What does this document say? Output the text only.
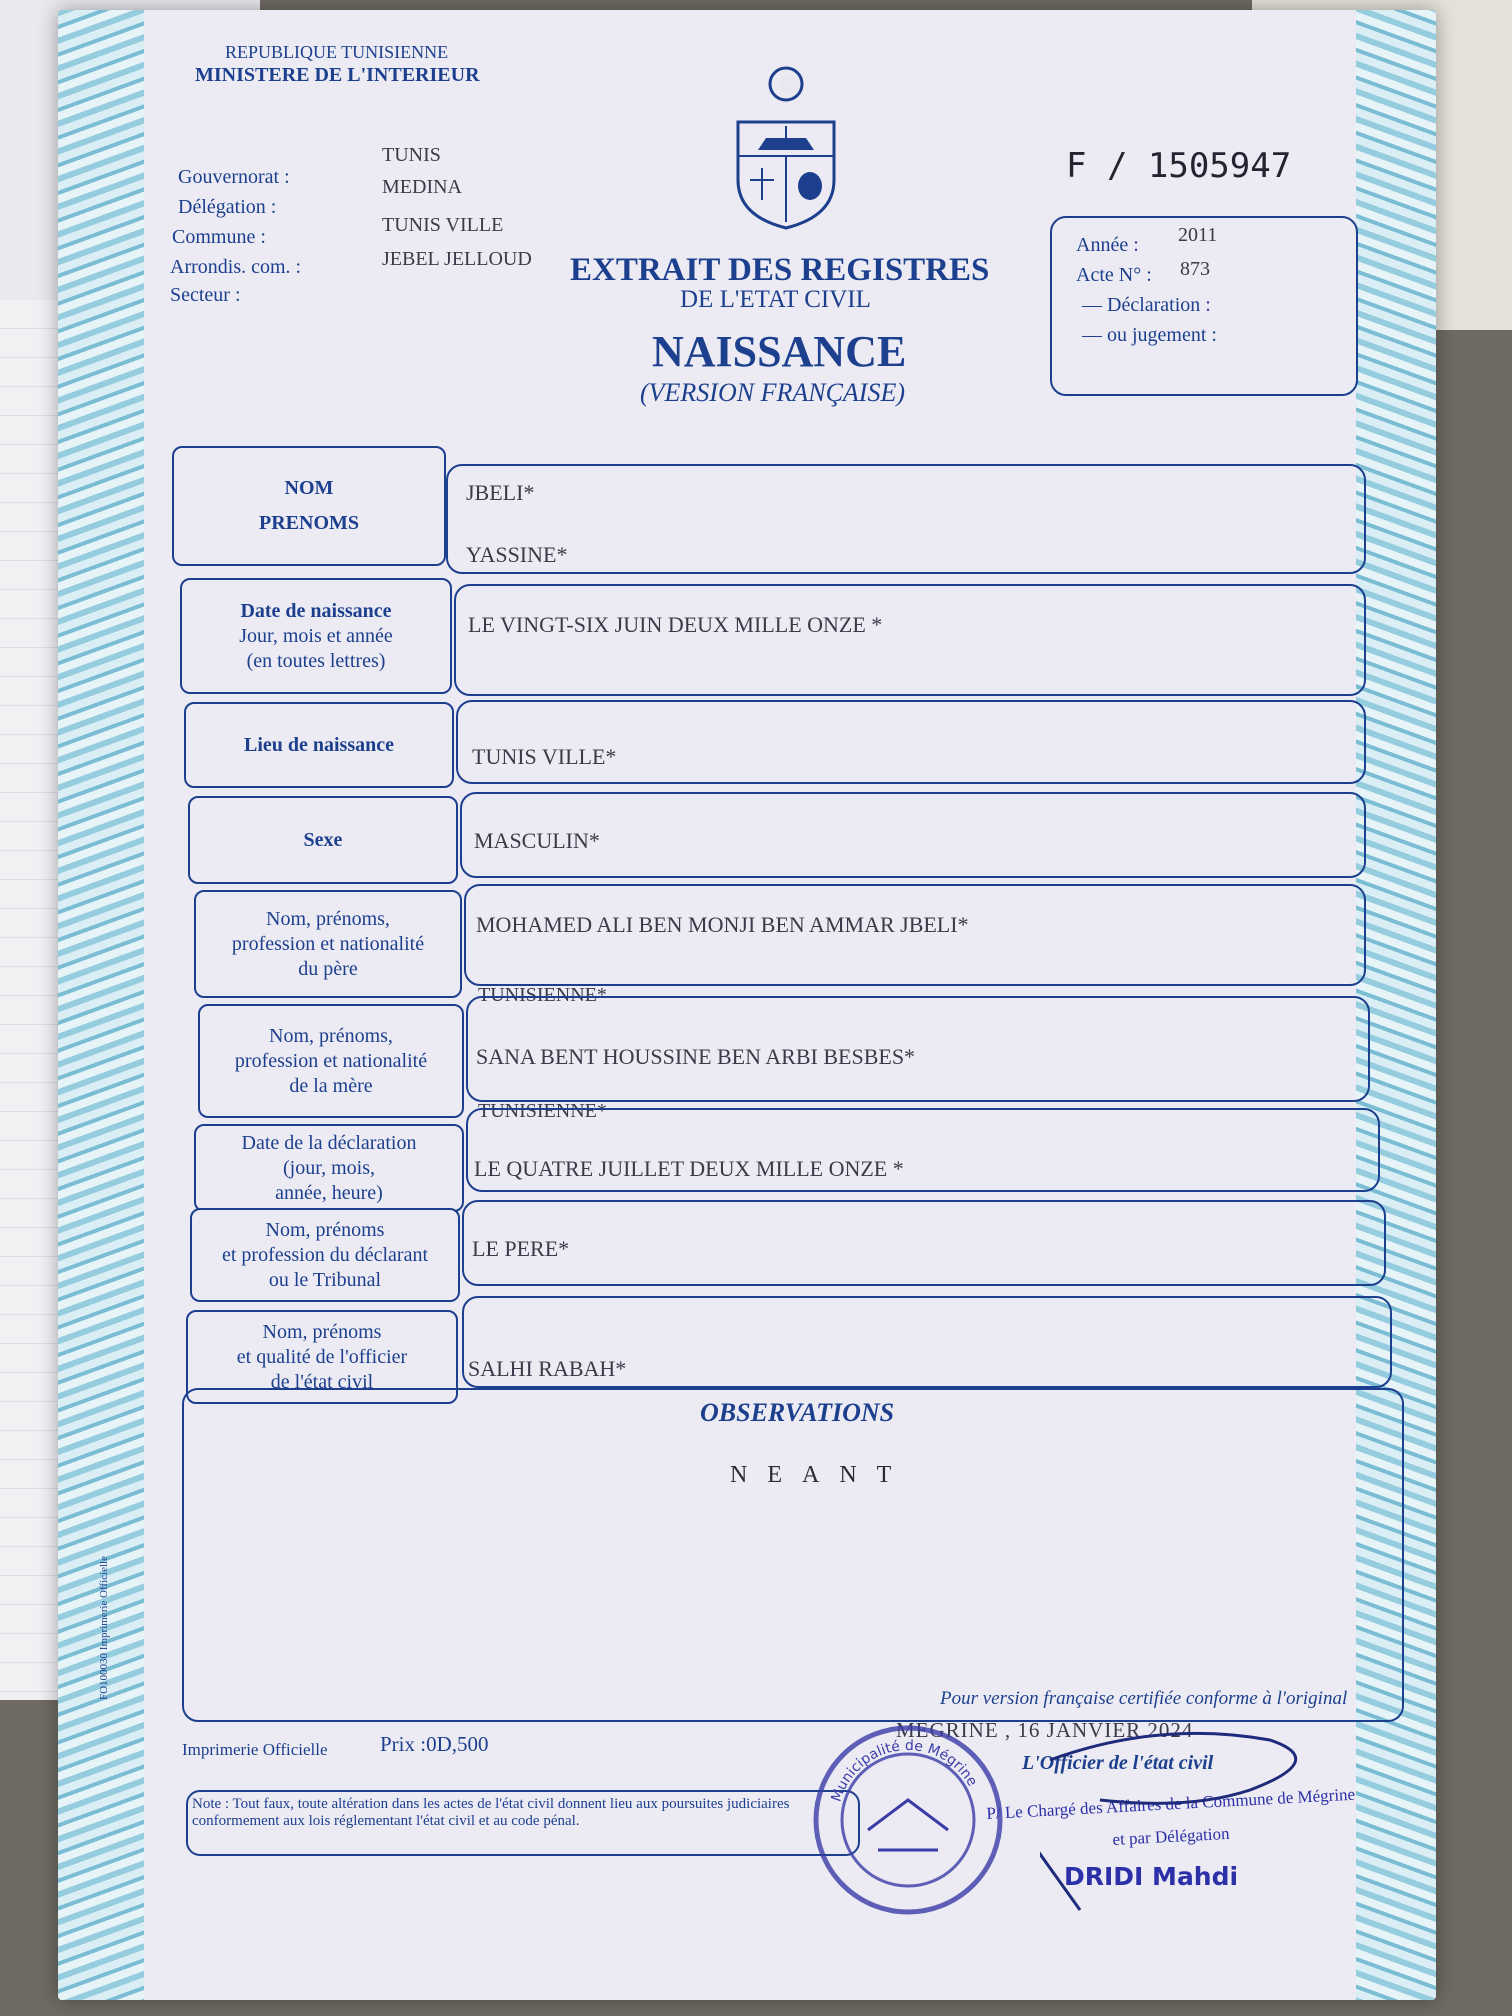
REPUBLIQUE TUNISIENNE
MINISTERE DE L'INTERIEUR
Gouvernorat :
Délégation :
Commune :
Arrondis. com. :
Secteur :
TUNIS
MEDINA
TUNIS VILLE
JEBEL JELLOUD
F / 1505947
Année : 2011
Acte N° : 873
— Déclaration :
— ou jugement :
EXTRAIT DES REGISTRES
DE L'ETAT CIVIL
NAISSANCE
(VERSION FRANÇAISE)
NOM
PRENOMS
JBELI*
YASSINE*
Date de naissance
Jour, mois et année
(en toutes lettres)
LE VINGT-SIX JUIN DEUX MILLE ONZE *
Lieu de naissance	TUNIS VILLE*
Sexe	MASCULIN*
Nom, prénoms,
profession et nationalité
du père
MOHAMED ALI BEN MONJI BEN AMMAR JBELI*
TUNISIENNE*
Nom, prénoms,
profession et nationalité
de la mère
SANA BENT HOUSSINE BEN ARBI BESBES*
TUNISIENNE*
Date de la déclaration
(jour, mois,
année, heure)
LE QUATRE JUILLET DEUX MILLE ONZE *
Nom, prénoms
et profession du déclarant
ou le Tribunal
LE PERE*
Nom, prénoms
et qualité de l'officier
de l'état civil
SALHI RABAH*
OBSERVATIONS
NEANT
FO100030 Imprimerie Officielle
Imprimerie Officielle Prix :0D,500
Pour version française certifiée conforme à l'original
MEGRINE , 16 JANVIER 2024
L'Officier de l'état civil
P/ Le Chargé des Affaires de la Commune de Mégrine
et par Délégation
DRIDI Mahdi
Note : Tout faux, toute altération dans les actes de l'état civil donnent lieu aux poursuites judiciaires conformement aux lois réglementant l'état civil et au code pénal.
Municipalité de Mégrine
